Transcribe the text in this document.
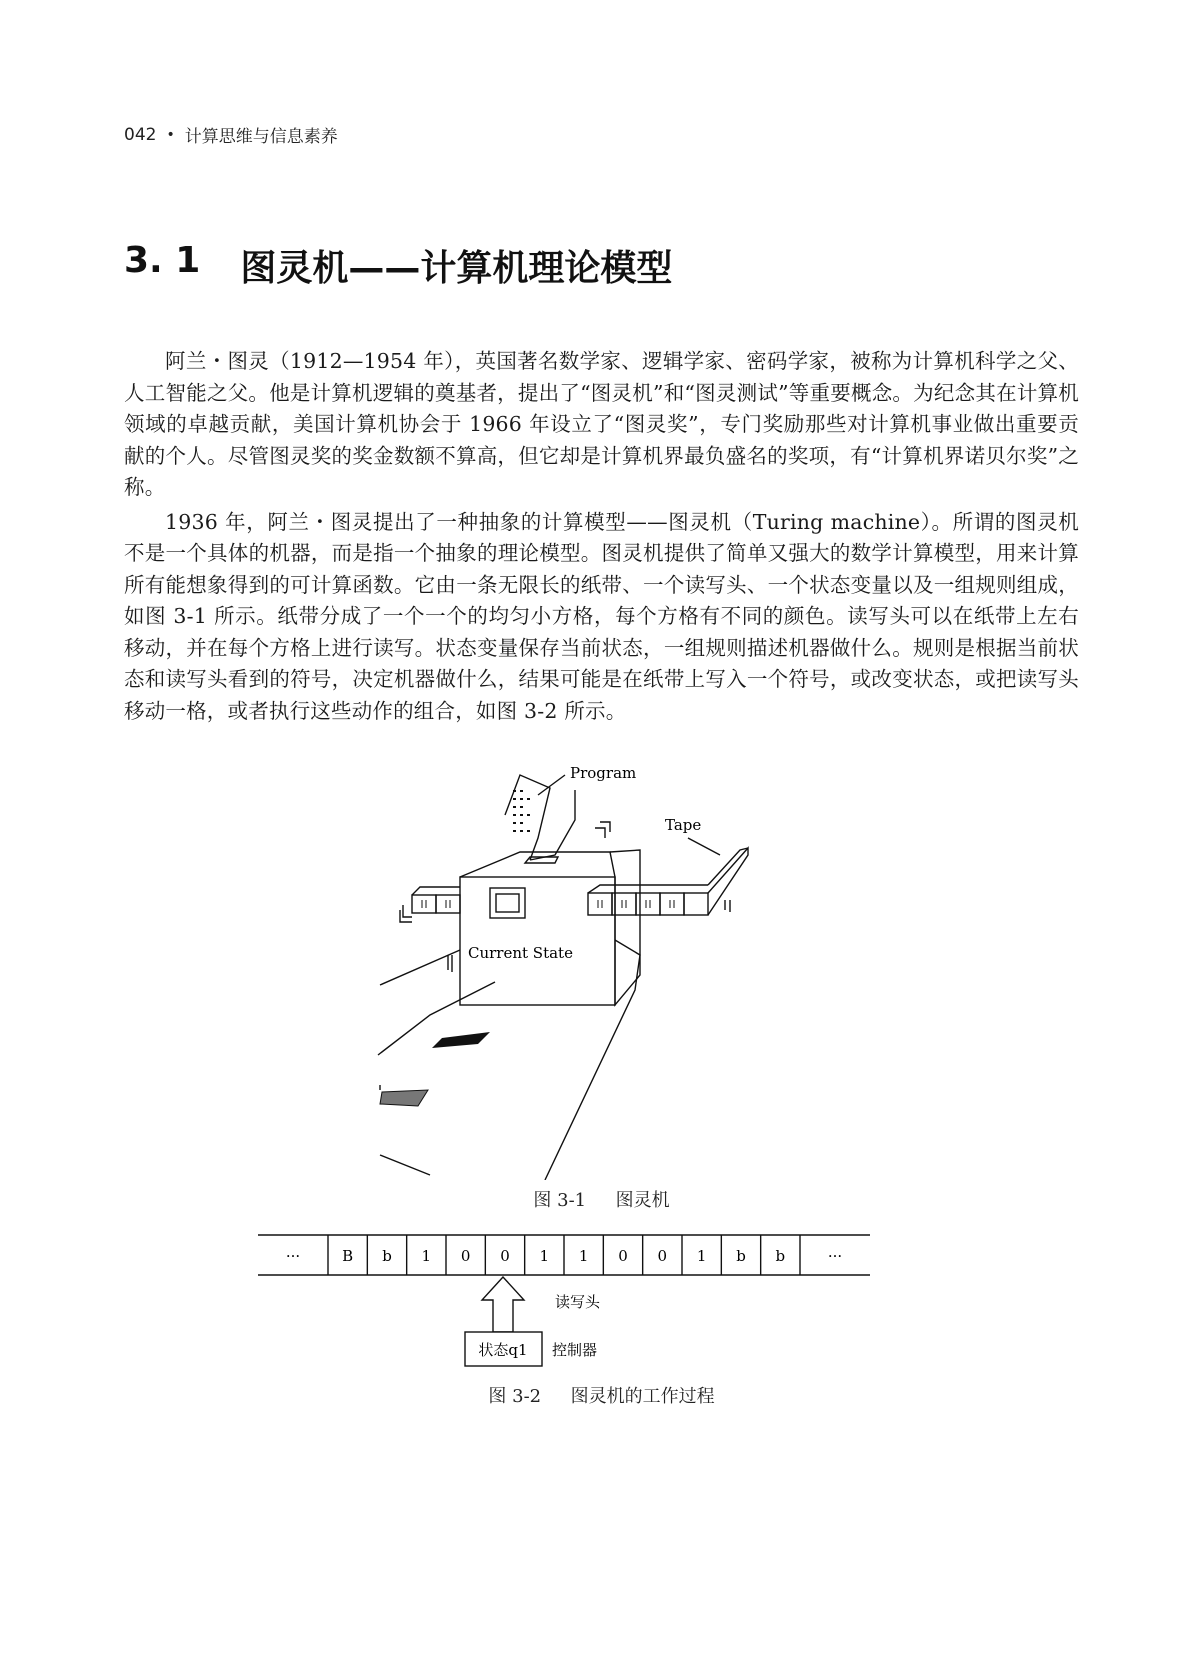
042 • 计算思维与信息素养
3. 1 图灵机——计算机理论模型

阿兰・图灵（1912—1954 年），英国著名数学家、逻辑学家、密码学家，被称为计算机科学之父、人工智能之父。他是计算机逻辑的奠基者，提出了“图灵机”和“图灵测试”等重要概念。为纪念其在计算机领域的卓越贡献，美国计算机协会于 1966 年设立了“图灵奖”，专门奖励那些对计算机事业做出重要贡献的个人。尽管图灵奖的奖金数额不算高，但它却是计算机界最负盛名的奖项，有“计算机界诺贝尔奖”之称。

1936 年，阿兰・图灵提出了一种抽象的计算模型——图灵机（Turing machine）。所谓的图灵机不是一个具体的机器，而是指一个抽象的理论模型。图灵机提供了简单又强大的数学计算模型，用来计算所有能想象得到的可计算函数。它由一条无限长的纸带、一个读写头、一个状态变量以及一组规则组成，如图 3-1 所示。纸带分成了一个一个的均匀小方格，每个方格有不同的颜色。读写头可以在纸带上左右移动，并在每个方格上进行读写。状态变量保存当前状态，一组规则描述机器做什么。规则是根据当前状态和读写头看到的符号，决定机器做什么，结果可能是在纸带上写入一个符号，或改变状态，或把读写头移动一格，或者执行这些动作的组合，如图 3-2 所示。

Program
Tape
Current State
图 3-1 图灵机
···	B b 1 0 0 1 1 0 0 1 b b	···
状态q1
读写头
控制器
图 3-2 图灵机的工作过程
